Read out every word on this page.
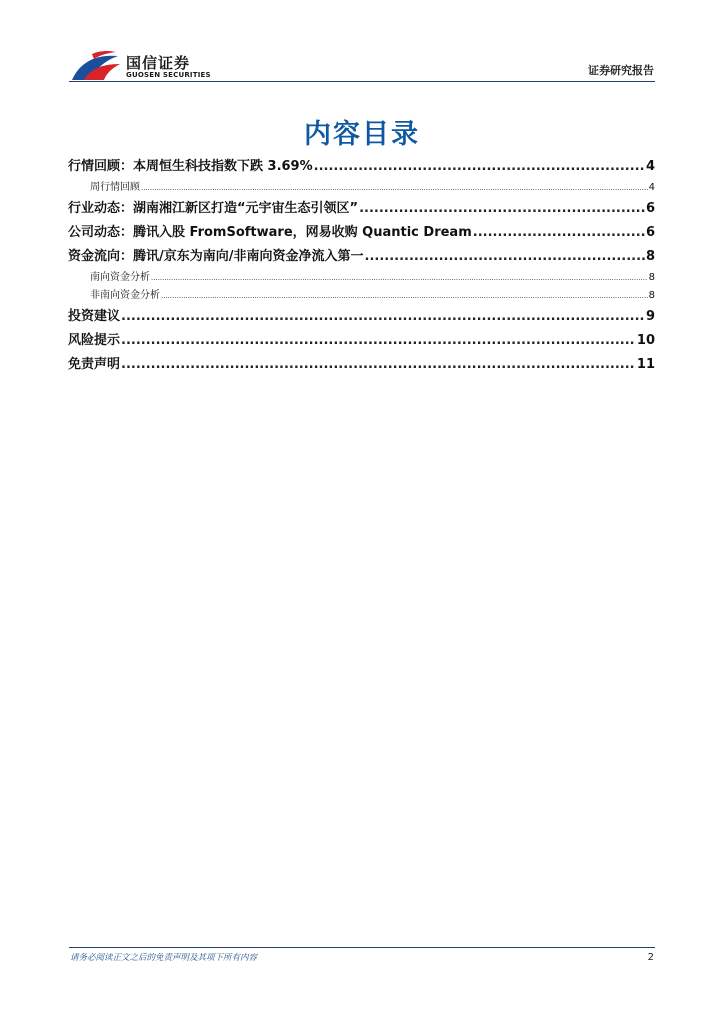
国信证券
GUOSEN SECURITIES	证券研究报告
内容目录
行情回顾：本周恒生科技指数下跌 3.69% .....	4
周行情回顾 .....	4
行业动态：湖南湘江新区打造“元宇宙生态引领区” .....	6
公司动态：腾讯入股 FromSoftware，网易收购 Quantic Dream .....	6
资金流向：腾讯/京东为南向/非南向资金净流入第一 .....	8
南向资金分析 .....	8
非南向资金分析 .....	8
投资建议 .....	9
风险提示 .....	10
免责声明 .....	11
请务必阅读正文之后的免责声明及其项下所有内容	2
